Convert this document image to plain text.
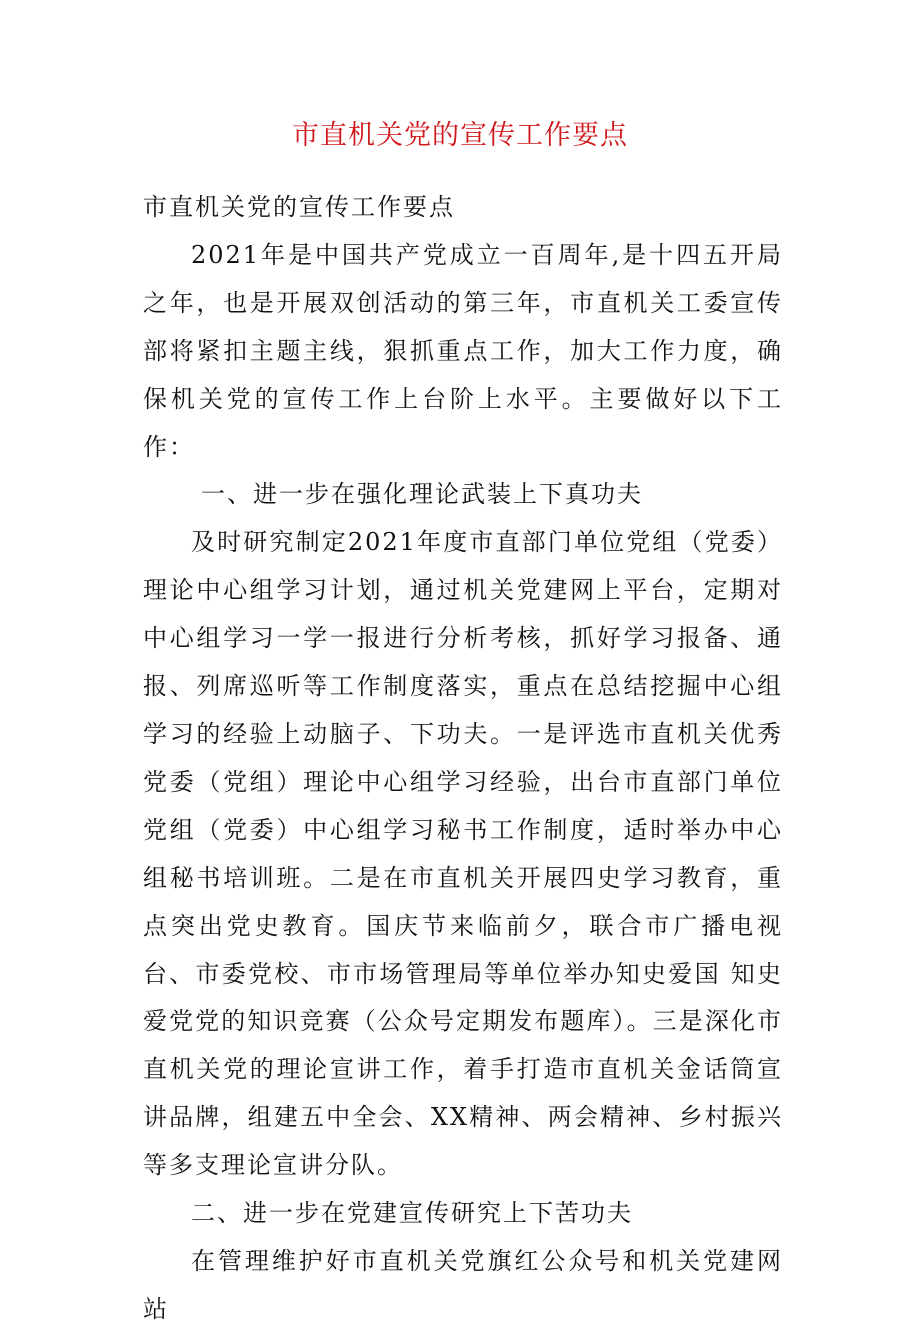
市直机关党的宣传工作要点

市直机关党的宣传工作要点

2021年是中国共产党成立一百周年,是十四五开局之年，也是开展双创活动的第三年，市直机关工委宣传部将紧扣主题主线，狠抓重点工作，加大工作力度，确保机关党的宣传工作上台阶上水平。主要做好以下工作：

一、进一步在强化理论武装上下真功夫

及时研究制定2021年度市直部门单位党组（党委）理论中心组学习计划，通过机关党建网上平台，定期对中心组学习一学一报进行分析考核，抓好学习报备、通报、列席巡听等工作制度落实，重点在总结挖掘中心组学习的经验上动脑子、下功夫。一是评选市直机关优秀党委（党组）理论中心组学习经验，出台市直部门单位党组（党委）中心组学习秘书工作制度，适时举办中心组秘书培训班。二是在市直机关开展四史学习教育，重点突出党史教育。国庆节来临前夕，联合市广播电视台、市委党校、市市场管理局等单位举办知史爱国 知史爱党党的知识竞赛（公众号定期发布题库）。三是深化市直机关党的理论宣讲工作，着手打造市直机关金话筒宣讲品牌，组建五中全会、XX精神、两会精神、乡村振兴等多支理论宣讲分队。

二、进一步在党建宣传研究上下苦功夫

在管理维护好市直机关党旗红公众号和机关党建网站
